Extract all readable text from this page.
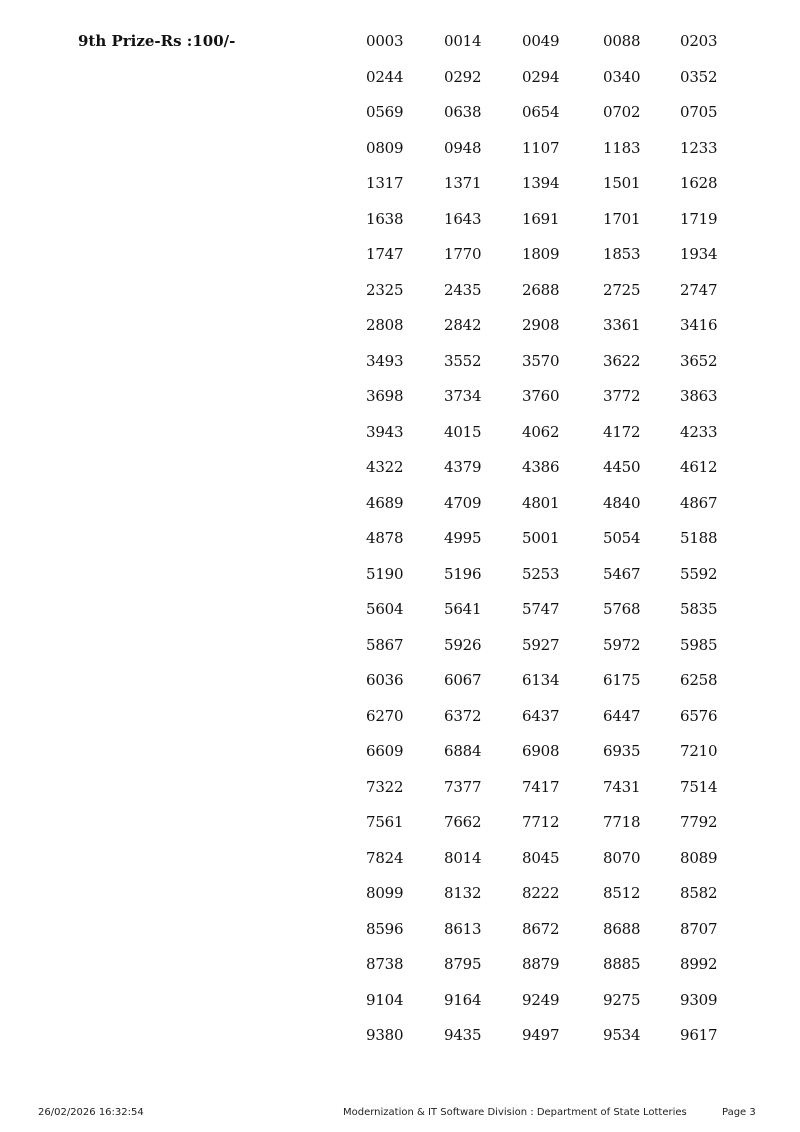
9th Prize-Rs :100/-	0003	0014	0049	0088	0203
0244	0292	0294	0340	0352
0569	0638	0654	0702	0705
0809	0948	1107	1183	1233
1317	1371	1394	1501	1628
1638	1643	1691	1701	1719
1747	1770	1809	1853	1934
2325	2435	2688	2725	2747
2808	2842	2908	3361	3416
3493	3552	3570	3622	3652
3698	3734	3760	3772	3863
3943	4015	4062	4172	4233
4322	4379	4386	4450	4612
4689	4709	4801	4840	4867
4878	4995	5001	5054	5188
5190	5196	5253	5467	5592
5604	5641	5747	5768	5835
5867	5926	5927	5972	5985
6036	6067	6134	6175	6258
6270	6372	6437	6447	6576
6609	6884	6908	6935	7210
7322	7377	7417	7431	7514
7561	7662	7712	7718	7792
7824	8014	8045	8070	8089
8099	8132	8222	8512	8582
8596	8613	8672	8688	8707
8738	8795	8879	8885	8992
9104	9164	9249	9275	9309
9380	9435	9497	9534	9617
26/02/2026 16:32:54	Modernization & IT Software Division : Department of State Lotteries	Page 3
